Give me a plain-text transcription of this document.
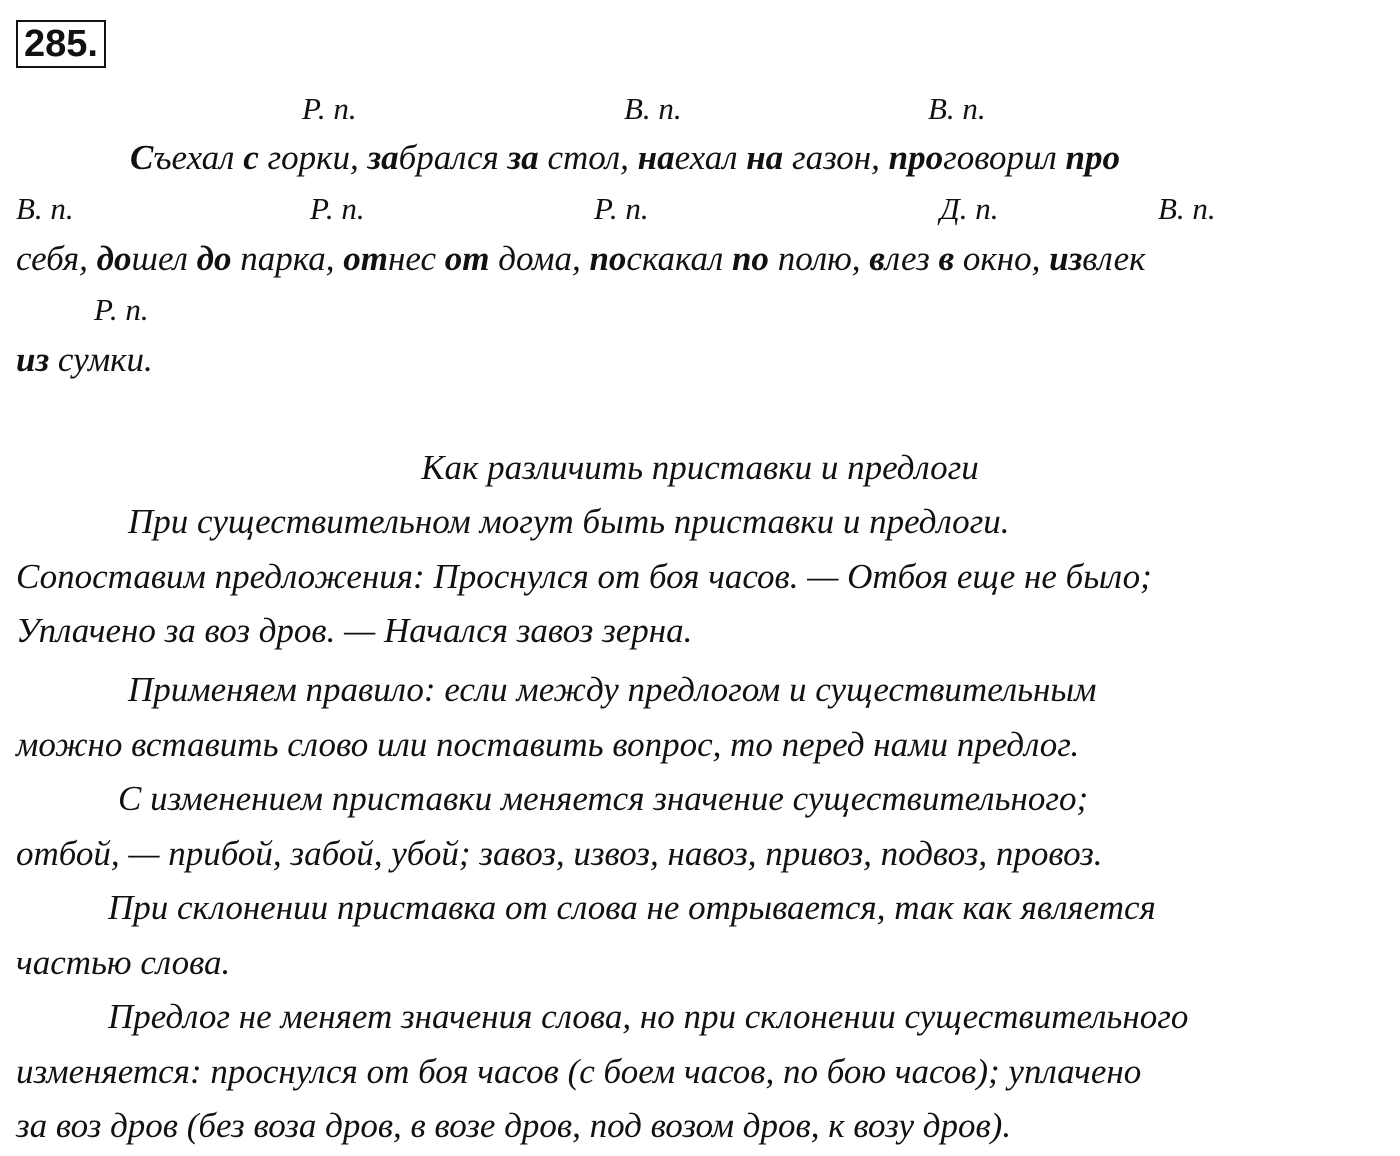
285.
Р. п.	В. п.	В. п.
Съехал с горки, забрался за стол, наехал на газон, проговорил про
В. п.	Р. п.	Р. п.	Д. п.	В. п.
себя, дошел до парка, отнес от дома, поскакал по полю, влез в окно, извлек
Р. п.
из сумки.
Как различить приставки и предлоги
При существительном могут быть приставки и предлоги.
Сопоставим предложения: Проснулся от боя часов. — Отбоя еще не было;
Уплачено за воз дров. — Начался завоз зерна.
Применяем правило: если между предлогом и существительным
можно вставить слово или поставить вопрос, то перед нами предлог.
С изменением приставки меняется значение существительного;
отбой, — прибой, забой, убой; завоз, извоз, навоз, привоз, подвоз, провоз.
При склонении приставка от слова не отрывается, так как является
частью слова.
Предлог не меняет значения слова, но при склонении существительного
изменяется: проснулся от боя часов (с боем часов, по бою часов); уплачено
за воз дров (без воза дров, в возе дров, под возом дров, к возу дров).
